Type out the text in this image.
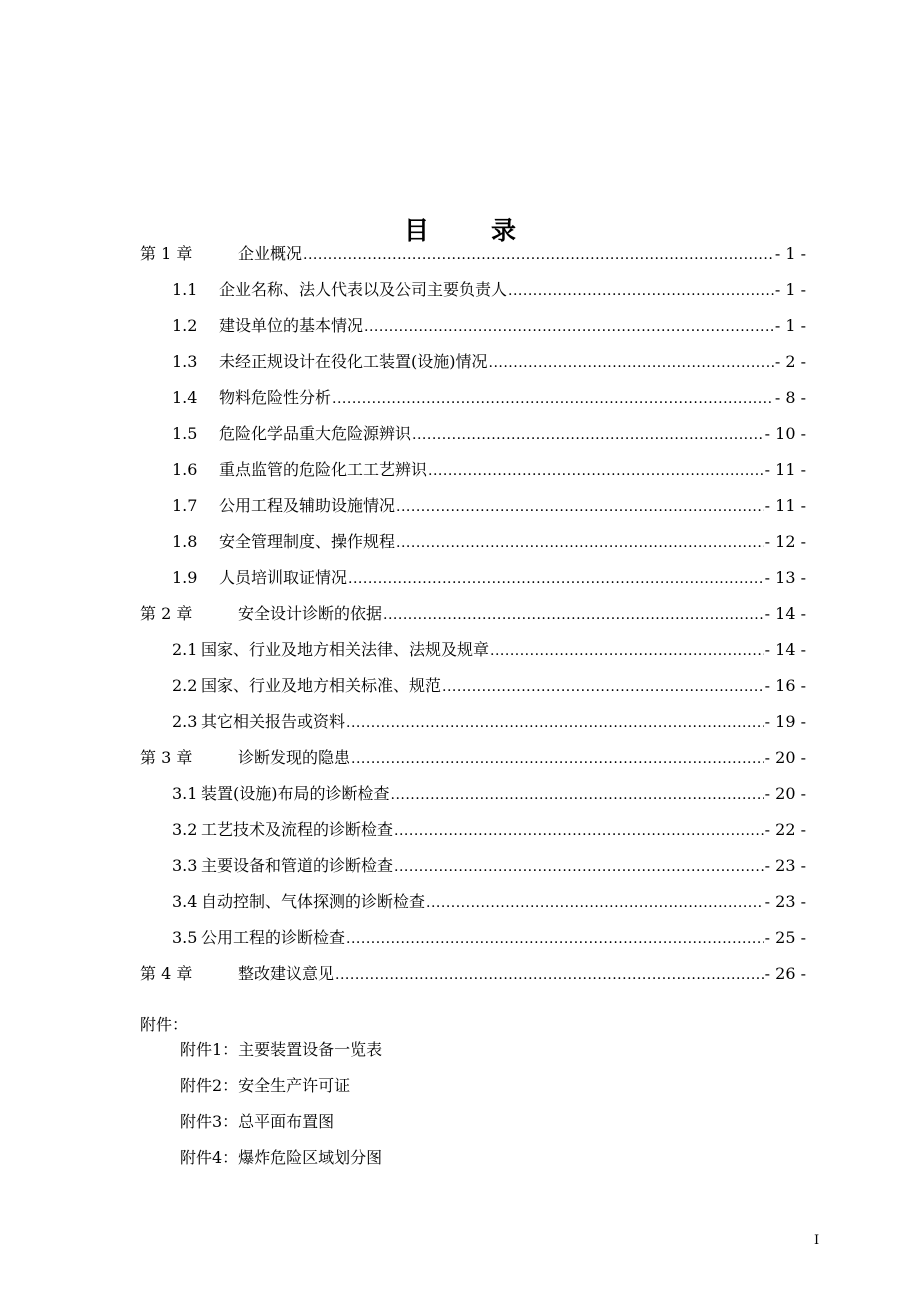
目 录
第 1 章	企业概况 .....	- 1 -
1.1	企业名称、法人代表以及公司主要负责人 .....	- 1 -
1.2	建设单位的基本情况 .....	- 1 -
1.3	未经正规设计在役化工装置(设施)情况 .....	- 2 -
1.4	物料危险性分析 .....	- 8 -
1.5	危险化学品重大危险源辨识 .....	- 10 -
1.6	重点监管的危险化工工艺辨识 .....	- 11 -
1.7	公用工程及辅助设施情况 .....	- 11 -
1.8	安全管理制度、操作规程 .....	- 12 -
1.9	人员培训取证情况 .....	- 13 -
第 2 章	安全设计诊断的依据 .....	- 14 -
2.1 国家、行业及地方相关法律、法规及规章 .....	- 14 -
2.2 国家、行业及地方相关标准、规范 .....	- 16 -
2.3 其它相关报告或资料 .....	- 19 -
第 3 章	诊断发现的隐患 .....	- 20 -
3.1 装置(设施)布局的诊断检查 .....	- 20 -
3.2 工艺技术及流程的诊断检查 .....	- 22 -
3.3 主要设备和管道的诊断检查 .....	- 23 -
3.4 自动控制、气体探测的诊断检查 .....	- 23 -
3.5 公用工程的诊断检查 .....	- 25 -
第 4 章	整改建议意见 .....	- 26 -
附件：
附件1：主要装置设备一览表
附件2：安全生产许可证
附件3：总平面布置图
附件4：爆炸危险区域划分图
I
